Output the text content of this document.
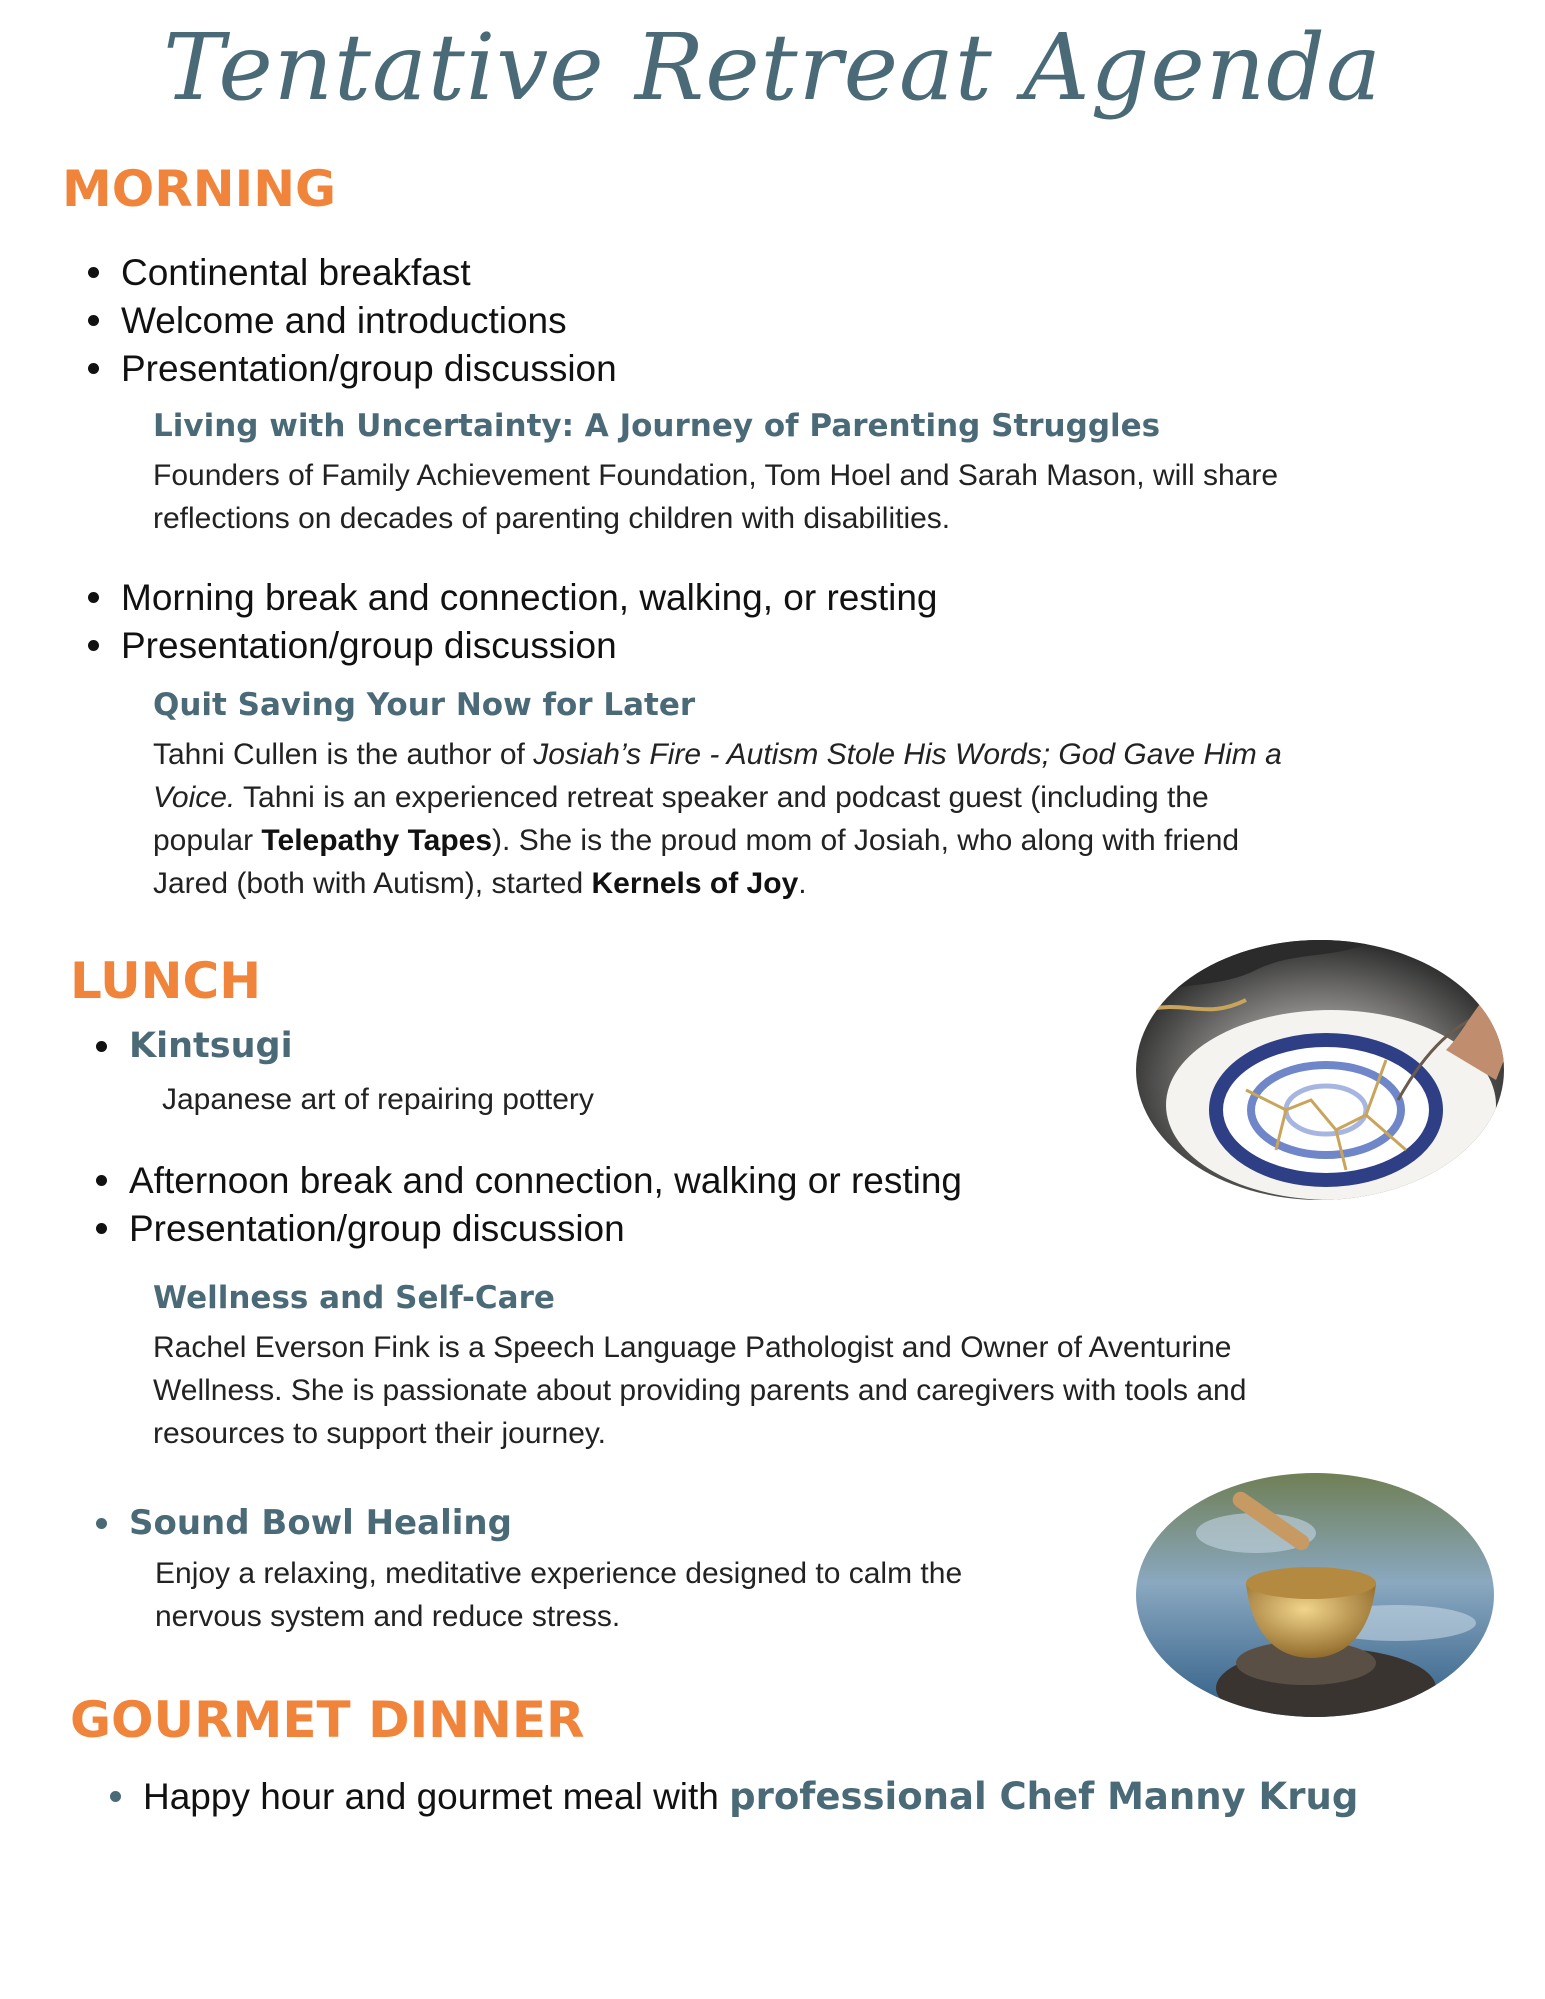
Tentative Retreat Agenda
MORNING
Continental breakfast
Welcome and introductions
Presentation/group discussion
Living with Uncertainty: A Journey of Parenting Struggles
Founders of Family Achievement Foundation, Tom Hoel and Sarah Mason, will share
reflections on decades of parenting children with disabilities.
Morning break and connection, walking, or resting
Presentation/group discussion
Quit Saving Your Now for Later
Tahni Cullen is the author of Josiah’s Fire - Autism Stole His Words; God Gave Him a
Voice. Tahni is an experienced retreat speaker and podcast guest (including the
popular Telepathy Tapes). She is the proud mom of Josiah, who along with friend
Jared (both with Autism), started Kernels of Joy.
LUNCH
Kintsugi
Japanese art of repairing pottery
Afternoon break and connection, walking or resting
Presentation/group discussion
Wellness and Self-Care
Rachel Everson Fink is a Speech Language Pathologist and Owner of Aventurine
Wellness. She is passionate about providing parents and caregivers with tools and
resources to support their journey.
Sound Bowl Healing
Enjoy a relaxing, meditative experience designed to calm the
nervous system and reduce stress.
GOURMET DINNER
Happy hour and gourmet meal with professional Chef Manny Krug
